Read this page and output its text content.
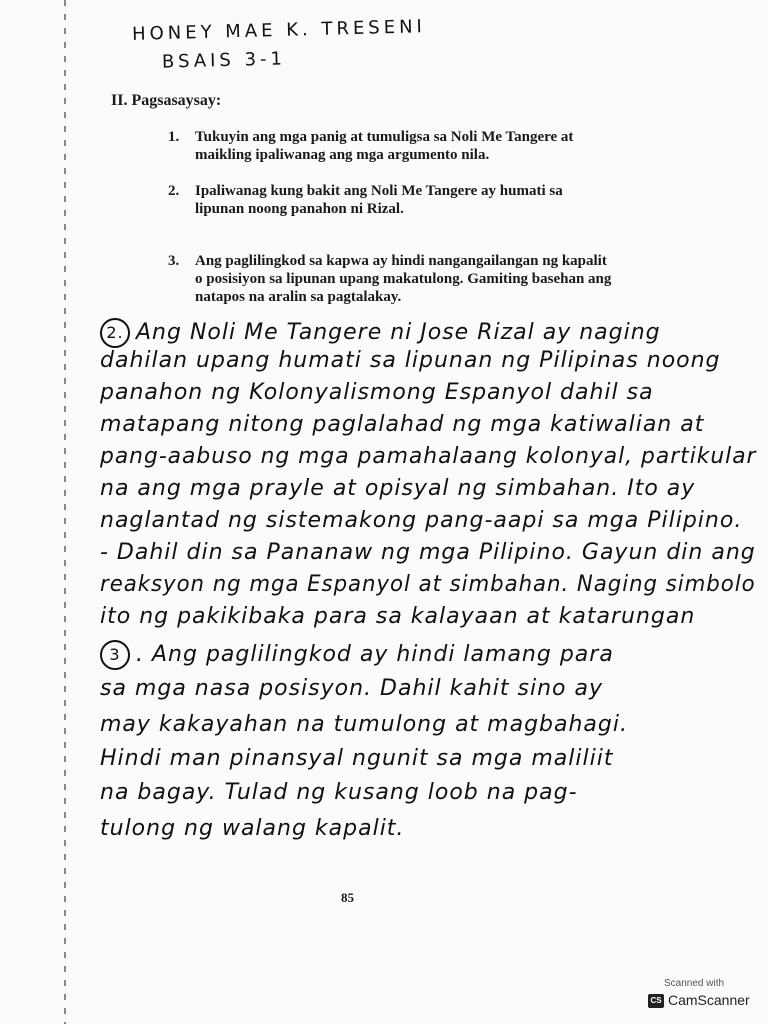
HONEY MAE K. TRESENI
BSAIS 3-1
II. Pagsasaysay:
1. Tukuyin ang mga panig at tumuligsa sa Noli Me Tangere at maikling ipaliwanag ang mga argumento nila.
2. Ipaliwanag kung bakit ang Noli Me Tangere ay humati sa lipunan noong panahon ni Rizal.
3. Ang paglilingkod sa kapwa ay hindi nangangailangan ng kapalit o posisiyon sa lipunan upang makatulong. Gamiting basehan ang natapos na aralin sa pagtalakay.
2. Ang Noli Me Tangere ni Jose Rizal ay naging
dahilan upang humati sa lipunan ng Pilipinas noong
panahon ng Kolonyalismong Espanyol dahil sa
matapang nitong paglalahad ng mga katiwalian at
pang-aabuso ng mga pamahalaang kolonyal, partikular
na ang mga prayle at opisyal ng simbahan. Ito ay
naglantad ng sistemakong pang-aapi sa mga Pilipino.
- Dahil din sa Pananaw ng mga Pilipino. Gayun din ang
reaksyon ng mga Espanyol at simbahan. Naging simbolo
ito ng pakikibaka para sa kalayaan at katarungan
3 . Ang paglilingkod ay hindi lamang para
sa mga nasa posisyon. Dahil kahit sino ay
may kakayahan na tumulong at magbahagi.
Hindi man pinansyal ngunit sa mga maliliit
na bagay. Tulad ng kusang loob na pag-
tulong ng walang kapalit.
85
Scanned with
CS CamScanner
